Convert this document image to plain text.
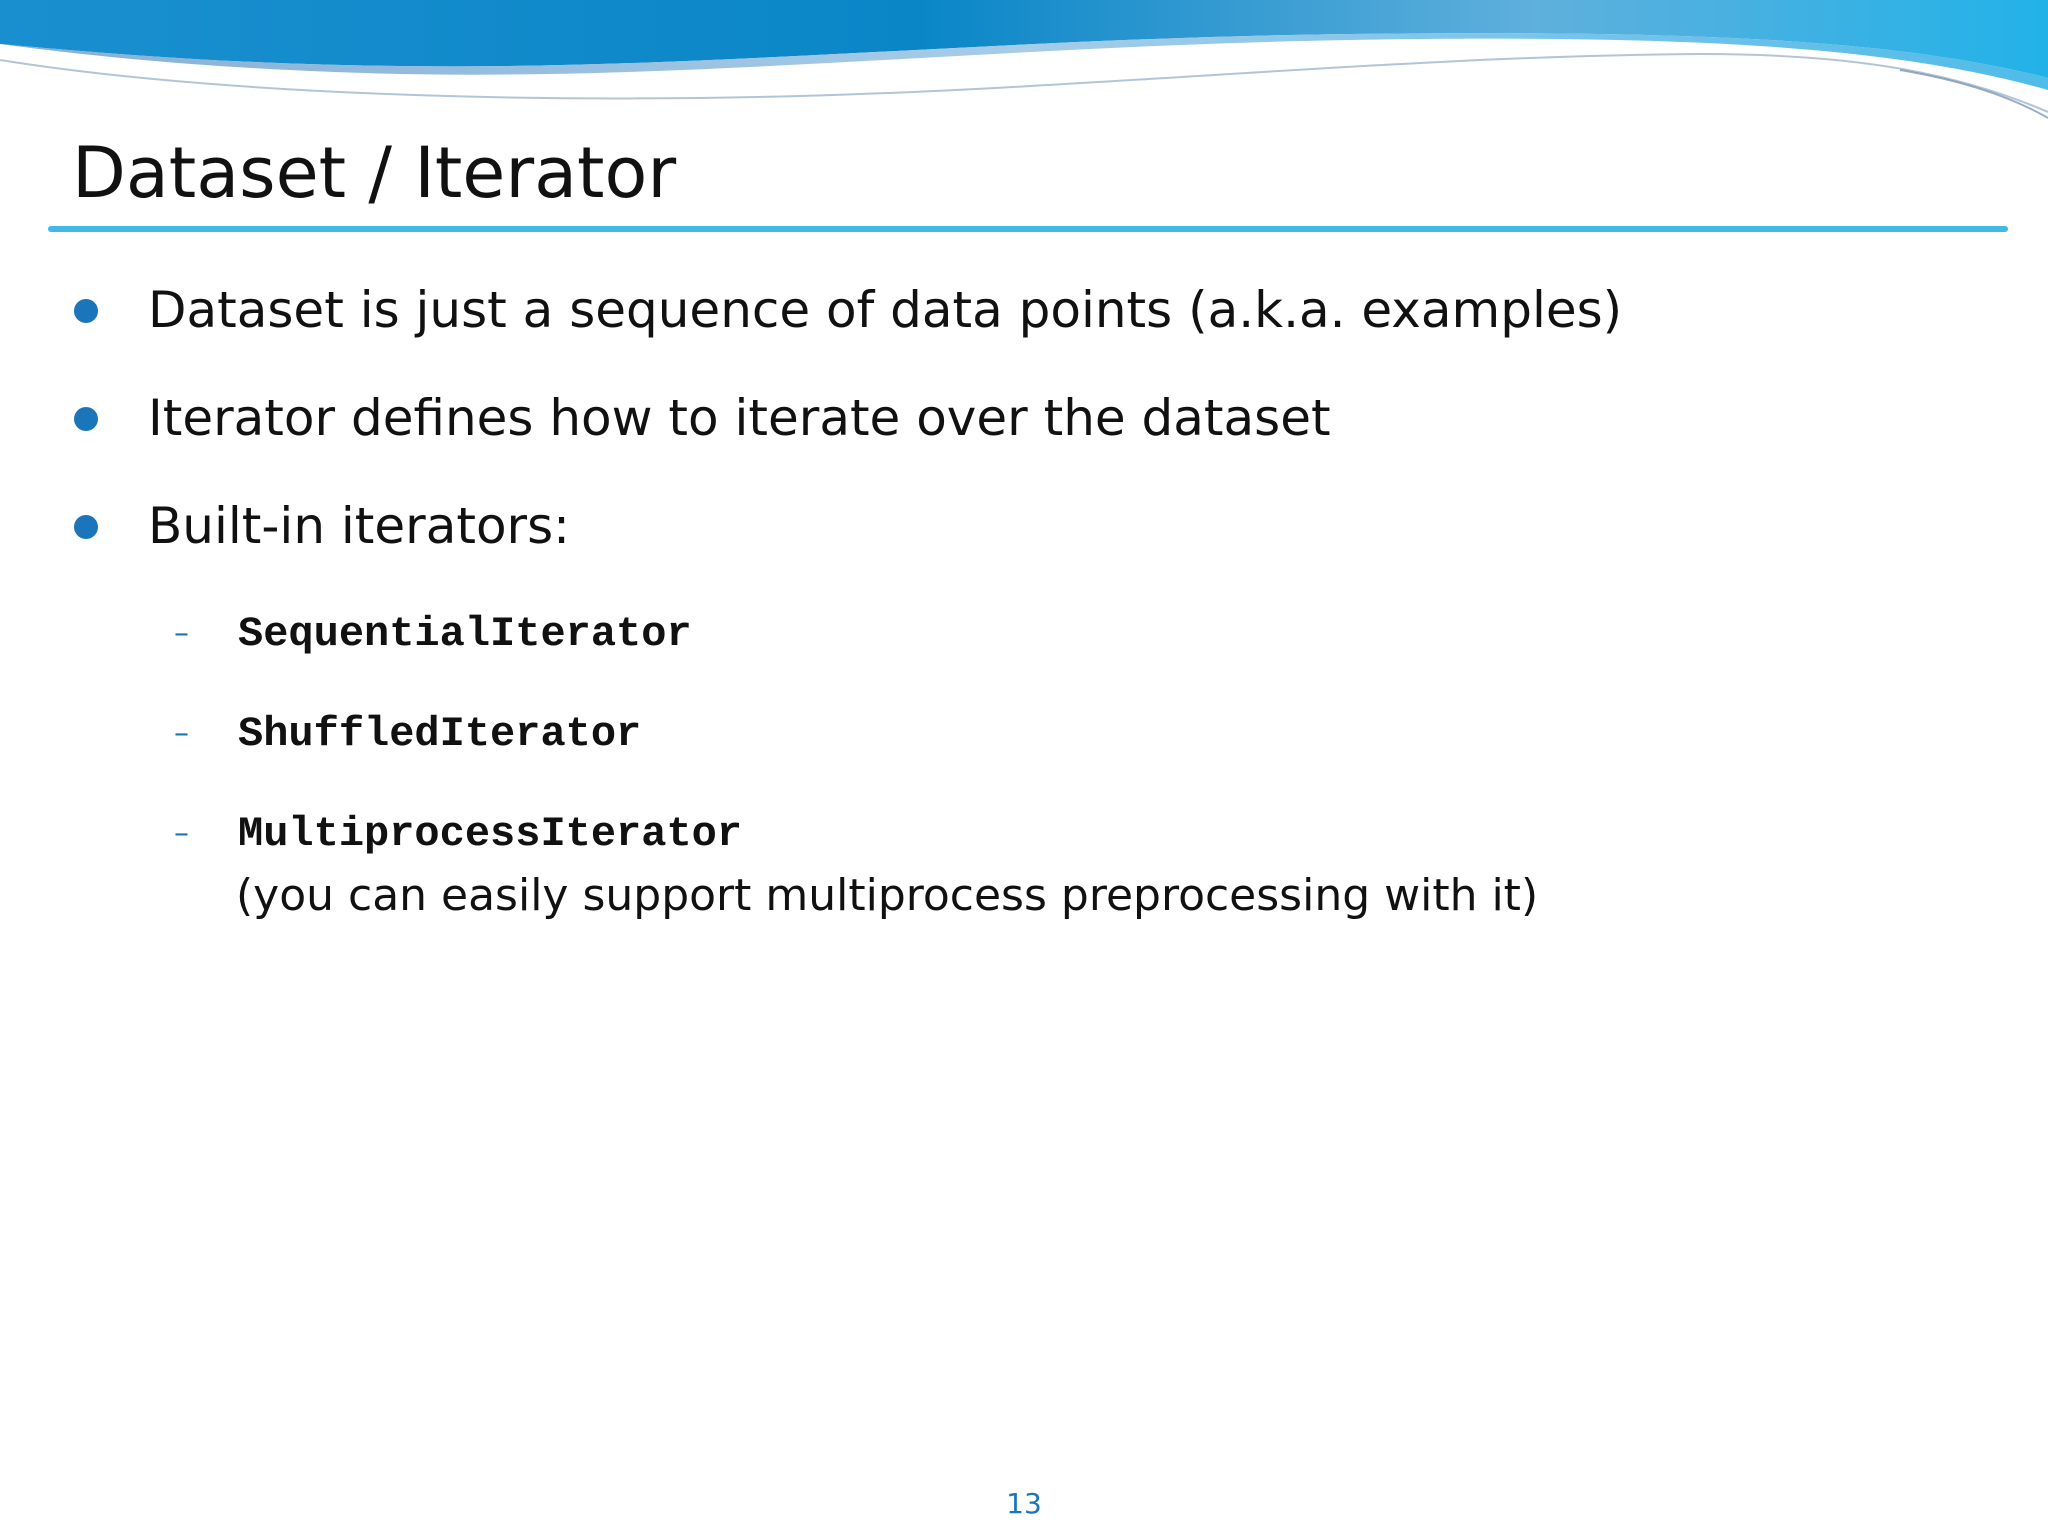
Dataset / Iterator
Dataset is just a sequence of data points (a.k.a. examples)
Iterator defines how to iterate over the dataset
Built-in iterators:
– SequentialIterator
– ShuffledIterator
– MultiprocessIterator
(you can easily support multiprocess preprocessing with it)
13
